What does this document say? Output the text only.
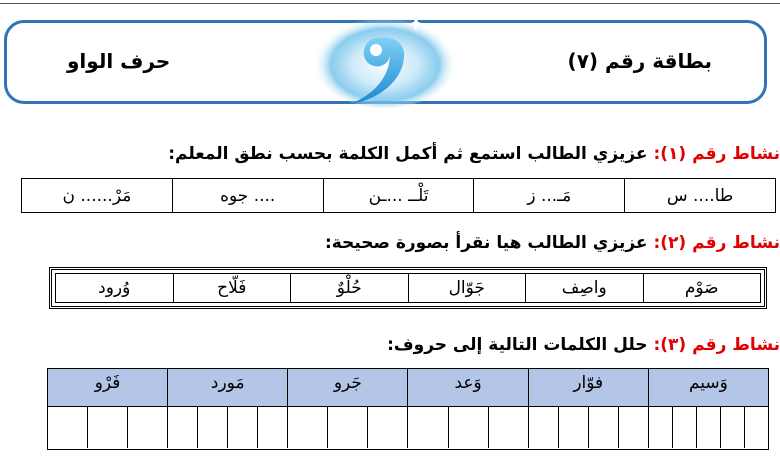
بطاقة رقم (٧)
حرف الواو
نشاط رقم (١): عزيزي الطالب استمع ثم أكمل الكلمة بحسب نطق المعلم:
طا.... س
مَـ... ز
تَلْــ ...ـن
.... جوه
مَرْ...... ن
نشاط رقم (٢): عزيزي الطالب هيا نقرأ بصورة صحيحة:
صَوْم
واصِف
جَوّال
حُلْوٌ
فَلّاح
وُرود
نشاط رقم (٣): حلل الكلمات التالية إلى حروف:
وَسيم
فوّار
وَعد
جَرو
مَورد
فَرْو
